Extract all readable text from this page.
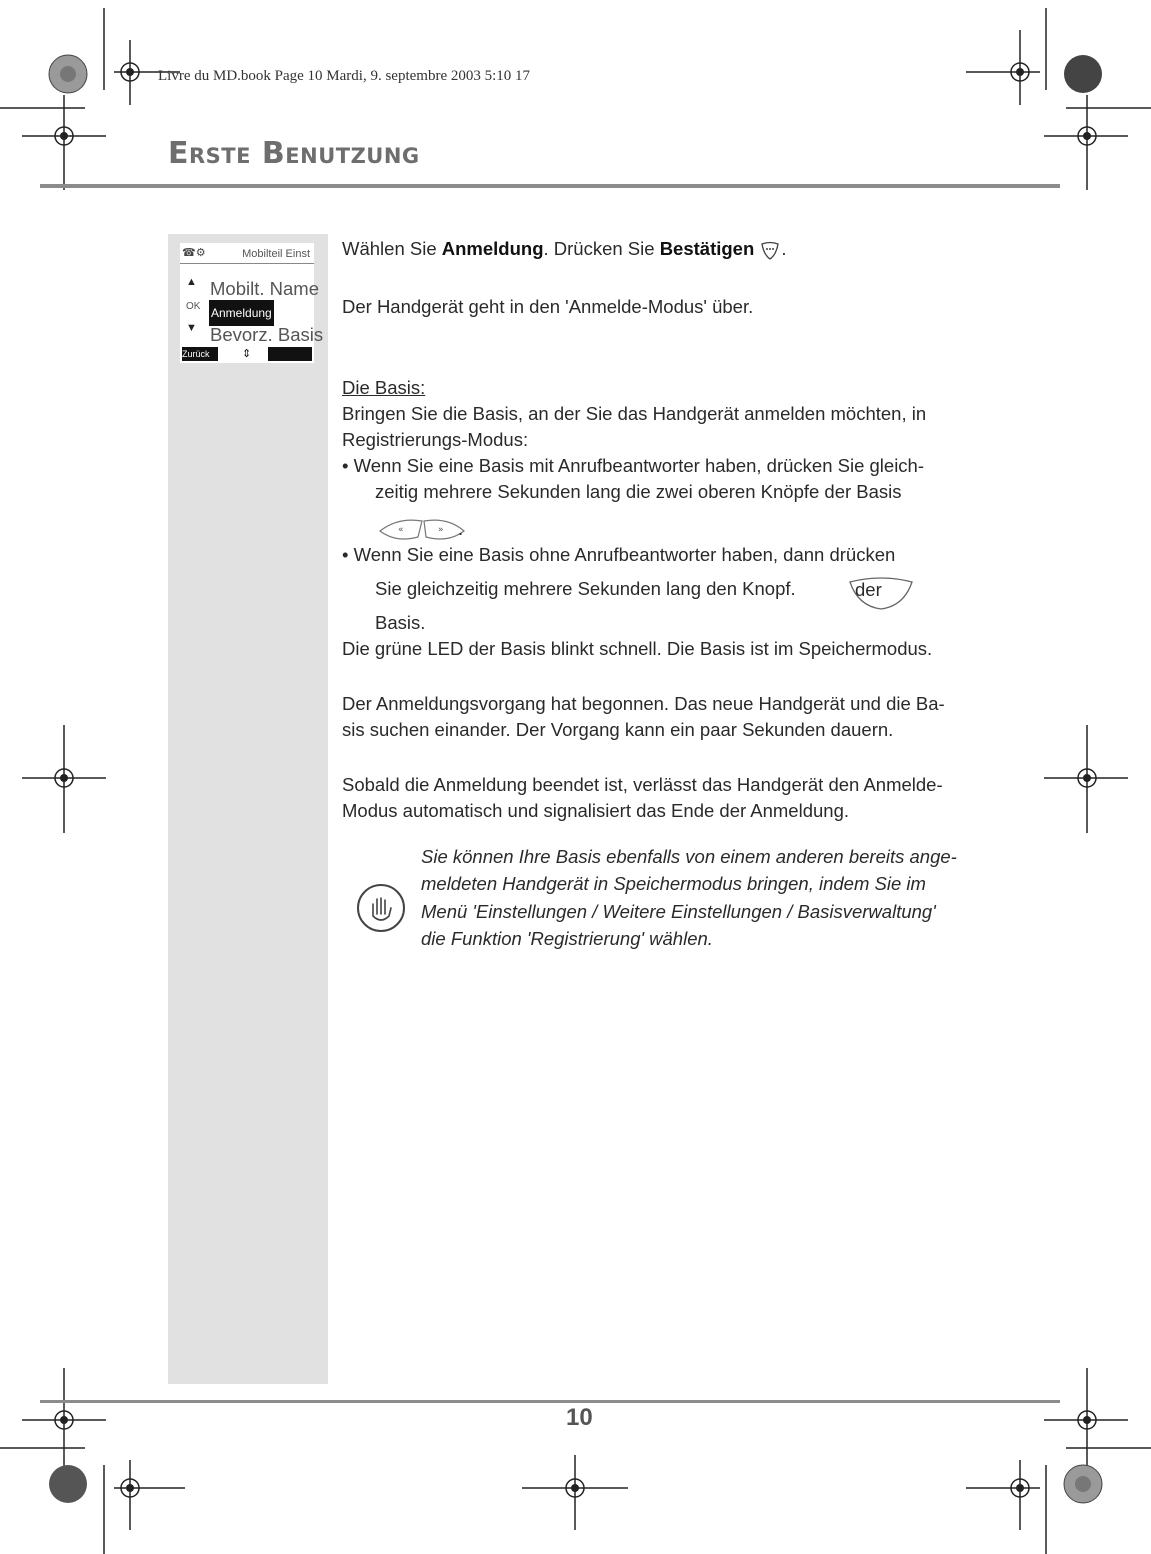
Livre du MD.book Page 10 Mardi, 9. septembre 2003 5:10 17
Erste Benutzung
☎⚙	Mobilteil Einst
▲ Mobilt. Name
OK Anmeldung
▼ Bevorz. Basis
Zurück	⇕
Wählen Sie Anmeldung. Drücken Sie Bestätigen .
Der Handgerät geht in den 'Anmelde-Modus' über.
Die Basis:
Bringen Sie die Basis, an der Sie das Handgerät anmelden möchten, in
Registrierungs-Modus:
• Wenn Sie eine Basis mit Anrufbeantworter haben, drücken Sie gleich-
zeitig mehrere Sekunden lang die zwei oberen Knöpfe der Basis
«	» .
• Wenn Sie eine Basis ohne Anrufbeantworter haben, dann drücken
Sie gleichzeitig mehrere Sekunden lang den Knopf.	der
Basis.
Die grüne LED der Basis blinkt schnell. Die Basis ist im Speichermodus.
Der Anmeldungsvorgang hat begonnen. Das neue Handgerät und die Ba-
sis suchen einander. Der Vorgang kann ein paar Sekunden dauern.
Sobald die Anmeldung beendet ist, verlässt das Handgerät den Anmelde-
Modus automatisch und signalisiert das Ende der Anmeldung.
Sie können Ihre Basis ebenfalls von einem anderen bereits ange-
meldeten Handgerät in Speichermodus bringen, indem Sie im
Menü 'Einstellungen / Weitere Einstellungen / Basisverwaltung'
die Funktion 'Registrierung' wählen.
10
